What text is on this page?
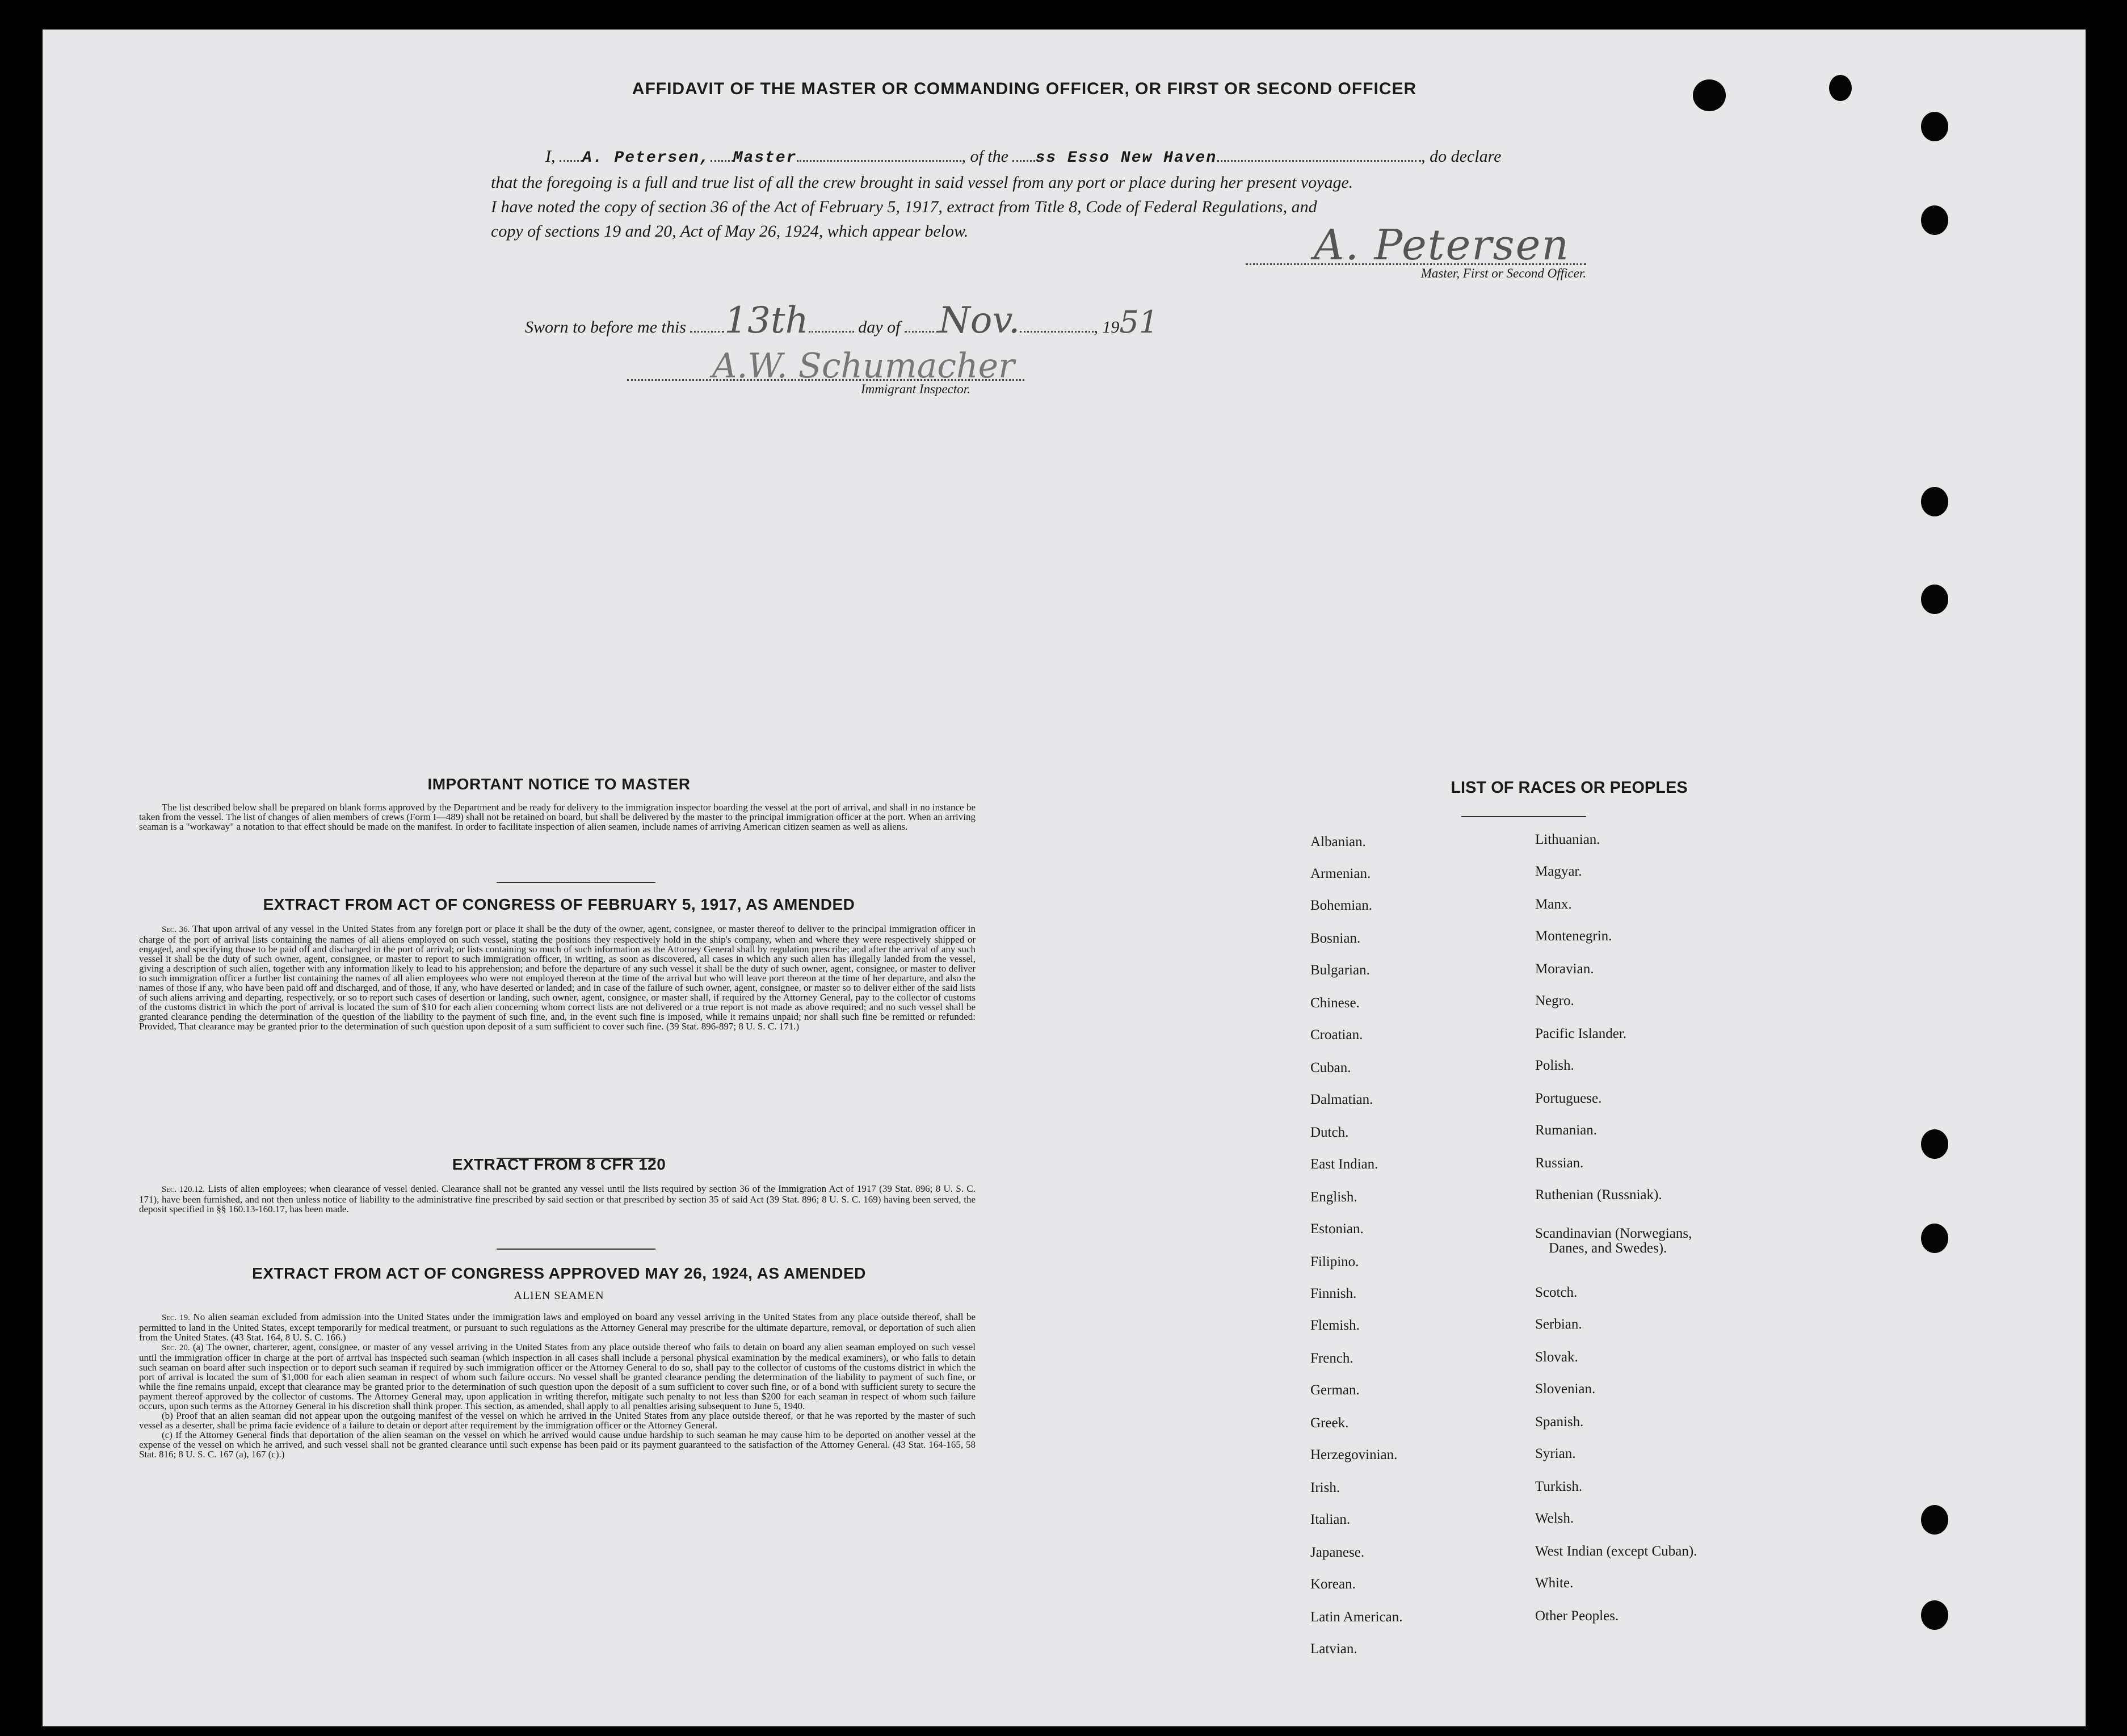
AFFIDAVIT OF THE MASTER OR COMMANDING OFFICER, OR FIRST OR SECOND OFFICER
I, A. Petersen, Master	, of the ss Esso New Haven	, do declare
that the foregoing is a full and true list of all the crew brought in said vessel from any port or place during her present voyage.
I have noted the copy of section 36 of the Act of February 5, 1917, extract from Title 8, Code of Federal Regulations, and
copy of sections 19 and 20, Act of May 26, 1924, which appear below.	A. Petersen
Master, First or Second Officer.
Sworn to before me this 13th	day of Nov.	, 1951
A.W. Schumacher
Immigrant Inspector.
IMPORTANT NOTICE TO MASTER

The list described below shall be prepared on blank forms approved by the Department and be ready for delivery to the immigration inspector boarding the vessel at the port of arrival, and shall in no instance be taken from the vessel. The list of changes of alien members of crews (Form I—489) shall not be retained on board, but shall be delivered by the master to the principal immigration officer at the port. When an arriving seaman is a "workaway" a notation to that effect should be made on the manifest. In order to facilitate inspection of alien seamen, include names of arriving American citizen seamen as well as aliens.

EXTRACT FROM ACT OF CONGRESS OF FEBRUARY 5, 1917, AS AMENDED

Sec. 36. That upon arrival of any vessel in the United States from any foreign port or place it shall be the duty of the owner, agent, consignee, or master thereof to deliver to the principal immigration officer in charge of the port of arrival lists containing the names of all aliens employed on such vessel, stating the positions they respectively hold in the ship's company, when and where they were respectively shipped or engaged, and specifying those to be paid off and discharged in the port of arrival; or lists containing so much of such information as the Attorney General shall by regulation prescribe; and after the arrival of any such vessel it shall be the duty of such owner, agent, consignee, or master to report to such immigration officer, in writing, as soon as discovered, all cases in which any such alien has illegally landed from the vessel, giving a description of such alien, together with any information likely to lead to his apprehension; and before the departure of any such vessel it shall be the duty of such owner, agent, consignee, or master to deliver to such immigration officer a further list containing the names of all alien employees who were not employed thereon at the time of the arrival but who will leave port thereon at the time of her departure, and also the names of those if any, who have been paid off and discharged, and of those, if any, who have deserted or landed; and in case of the failure of such owner, agent, consignee, or master so to deliver either of the said lists of such aliens arriving and departing, respectively, or so to report such cases of desertion or landing, such owner, agent, consignee, or master shall, if required by the Attorney General, pay to the collector of customs of the customs district in which the port of arrival is located the sum of $10 for each alien concerning whom correct lists are not delivered or a true report is not made as above required; and no such vessel shall be granted clearance pending the determination of the question of the liability to the payment of such fine, and, in the event such fine is imposed, while it remains unpaid; nor shall such fine be remitted or refunded: Provided, That clearance may be granted prior to the determination of such question upon deposit of a sum sufficient to cover such fine. (39 Stat. 896-897; 8 U. S. C. 171.)

EXTRACT FROM 8 CFR 120

Sec. 120.12. Lists of alien employees; when clearance of vessel denied. Clearance shall not be granted any vessel until the lists required by section 36 of the Immigration Act of 1917 (39 Stat. 896; 8 U. S. C. 171), have been furnished, and not then unless notice of liability to the administrative fine prescribed by said section or that prescribed by section 35 of said Act (39 Stat. 896; 8 U. S. C. 169) having been served, the deposit specified in §§ 160.13-160.17, has been made.

EXTRACT FROM ACT OF CONGRESS APPROVED MAY 26, 1924, AS AMENDED
ALIEN SEAMEN

Sec. 19. No alien seaman excluded from admission into the United States under the immigration laws and employed on board any vessel arriving in the United States from any place outside thereof, shall be permitted to land in the United States, except temporarily for medical treatment, or pursuant to such regulations as the Attorney General may prescribe for the ultimate departure, removal, or deportation of such alien from the United States. (43 Stat. 164, 8 U. S. C. 166.)

Sec. 20. (a) The owner, charterer, agent, consignee, or master of any vessel arriving in the United States from any place outside thereof who fails to detain on board any alien seaman employed on such vessel until the immigration officer in charge at the port of arrival has inspected such seaman (which inspection in all cases shall include a personal physical examination by the medical examiners), or who fails to detain such seaman on board after such inspection or to deport such seaman if required by such immigration officer or the Attorney General to do so, shall pay to the collector of customs of the customs district in which the port of arrival is located the sum of $1,000 for each alien seaman in respect of whom such failure occurs. No vessel shall be granted clearance pending the determination of the liability to payment of such fine, or while the fine remains unpaid, except that clearance may be granted prior to the determination of such question upon the deposit of a sum sufficient to cover such fine, or of a bond with sufficient surety to secure the payment thereof approved by the collector of customs. The Attorney General may, upon application in writing therefor, mitigate such penalty to not less than $200 for each seaman in respect of whom such failure occurs, upon such terms as the Attorney General in his discretion shall think proper. This section, as amended, shall apply to all penalties arising subsequent to June 5, 1940.

(b) Proof that an alien seaman did not appear upon the outgoing manifest of the vessel on which he arrived in the United States from any place outside thereof, or that he was reported by the master of such vessel as a deserter, shall be prima facie evidence of a failure to detain or deport after requirement by the immigration officer or the Attorney General.

(c) If the Attorney General finds that deportation of the alien seaman on the vessel on which he arrived would cause undue hardship to such seaman he may cause him to be deported on another vessel at the expense of the vessel on which he arrived, and such vessel shall not be granted clearance until such expense has been paid or its payment guaranteed to the satisfaction of the Attorney General. (43 Stat. 164-165, 58 Stat. 816; 8 U. S. C. 167 (a), 167 (c).)

LIST OF RACES OR PEOPLES
Albanian.
Armenian.
Bohemian.
Bosnian.
Bulgarian.
Chinese.
Croatian.
Cuban.
Dalmatian.
Dutch.
East Indian.
English.
Estonian.
Filipino.
Finnish.
Flemish.
French.
German.
Greek.
Herzegovinian.
Irish.
Italian.
Japanese.
Korean.
Latin American.
Latvian.
Lithuanian.
Magyar.
Manx.
Montenegrin.
Moravian.
Negro.
Pacific Islander.
Polish.
Portuguese.
Rumanian.
Russian.
Ruthenian (Russniak).
Scandinavian (Norwegians,
Danes, and Swedes).
Scotch.
Serbian.
Slovak.
Slovenian.
Spanish.
Syrian.
Turkish.
Welsh.
West Indian (except Cuban).
White.
Other Peoples.
